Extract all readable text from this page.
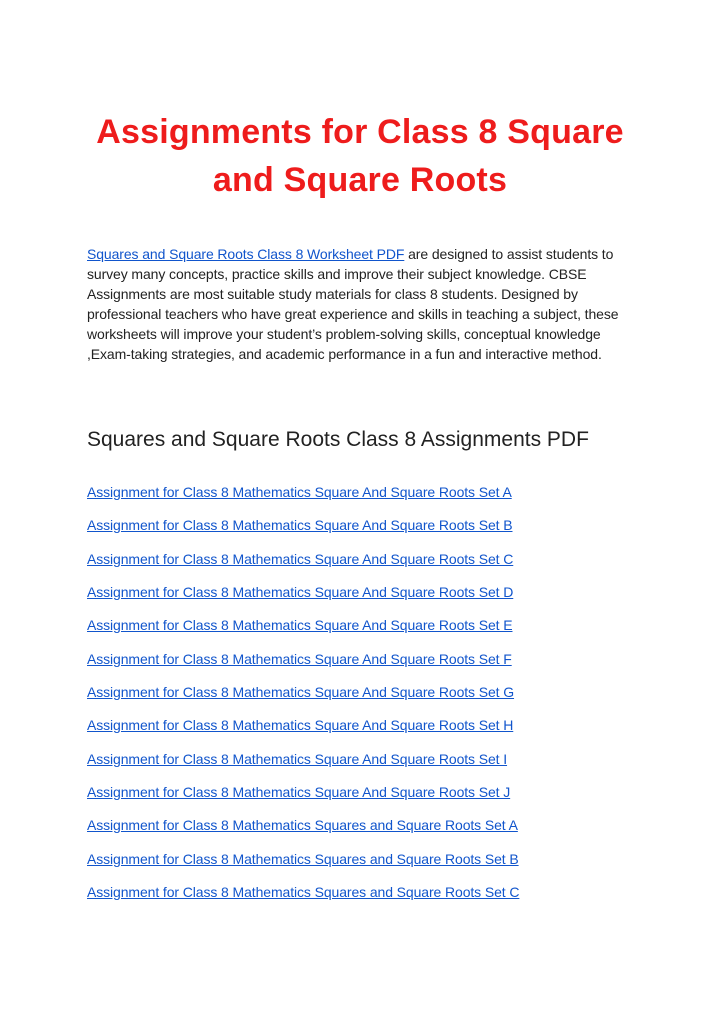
Assignments for Class 8 Square
and Square Roots

Squares and Square Roots Class 8 Worksheet PDF are designed to assist students to survey many concepts, practice skills and improve their subject knowledge. CBSE Assignments are most suitable study materials for class 8 students. Designed by professional teachers who have great experience and skills in teaching a subject, these worksheets will improve your student’s problem-solving skills, conceptual knowledge ,Exam-taking strategies, and academic performance in a fun and interactive method.

Squares and Square Roots Class 8 Assignments PDF
Assignment for Class 8 Mathematics Square And Square Roots Set A
Assignment for Class 8 Mathematics Square And Square Roots Set B
Assignment for Class 8 Mathematics Square And Square Roots Set C
Assignment for Class 8 Mathematics Square And Square Roots Set D
Assignment for Class 8 Mathematics Square And Square Roots Set E
Assignment for Class 8 Mathematics Square And Square Roots Set F
Assignment for Class 8 Mathematics Square And Square Roots Set G
Assignment for Class 8 Mathematics Square And Square Roots Set H
Assignment for Class 8 Mathematics Square And Square Roots Set I
Assignment for Class 8 Mathematics Square And Square Roots Set J
Assignment for Class 8 Mathematics Squares and Square Roots Set A
Assignment for Class 8 Mathematics Squares and Square Roots Set B
Assignment for Class 8 Mathematics Squares and Square Roots Set C
